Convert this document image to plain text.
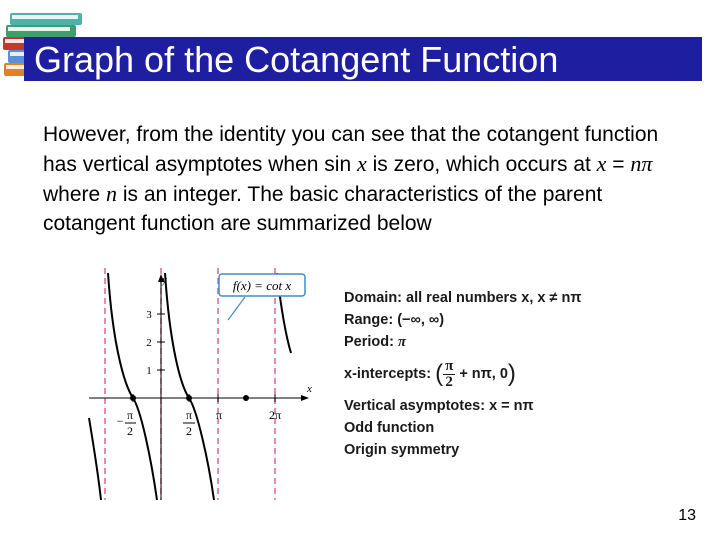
Graph of the Cotangent Function
However, from the identity you can see that the cotangent function has vertical asymptotes when sin x is zero, which occurs at x = nπ where n is an integer. The basic characteristics of the parent cotangent function are summarized below
1
2
3
− π
2
π
2
π	2π
x
y	f(x) = cot x
Domain: all real numbers x, x ≠ nπ
Range: (−∞, ∞)
Period: π
x-intercepts: ( $\frac{\pi}{2} + n\pi$, 0)
Vertical asymptotes: x = nπ
Odd function
Origin symmetry
13
